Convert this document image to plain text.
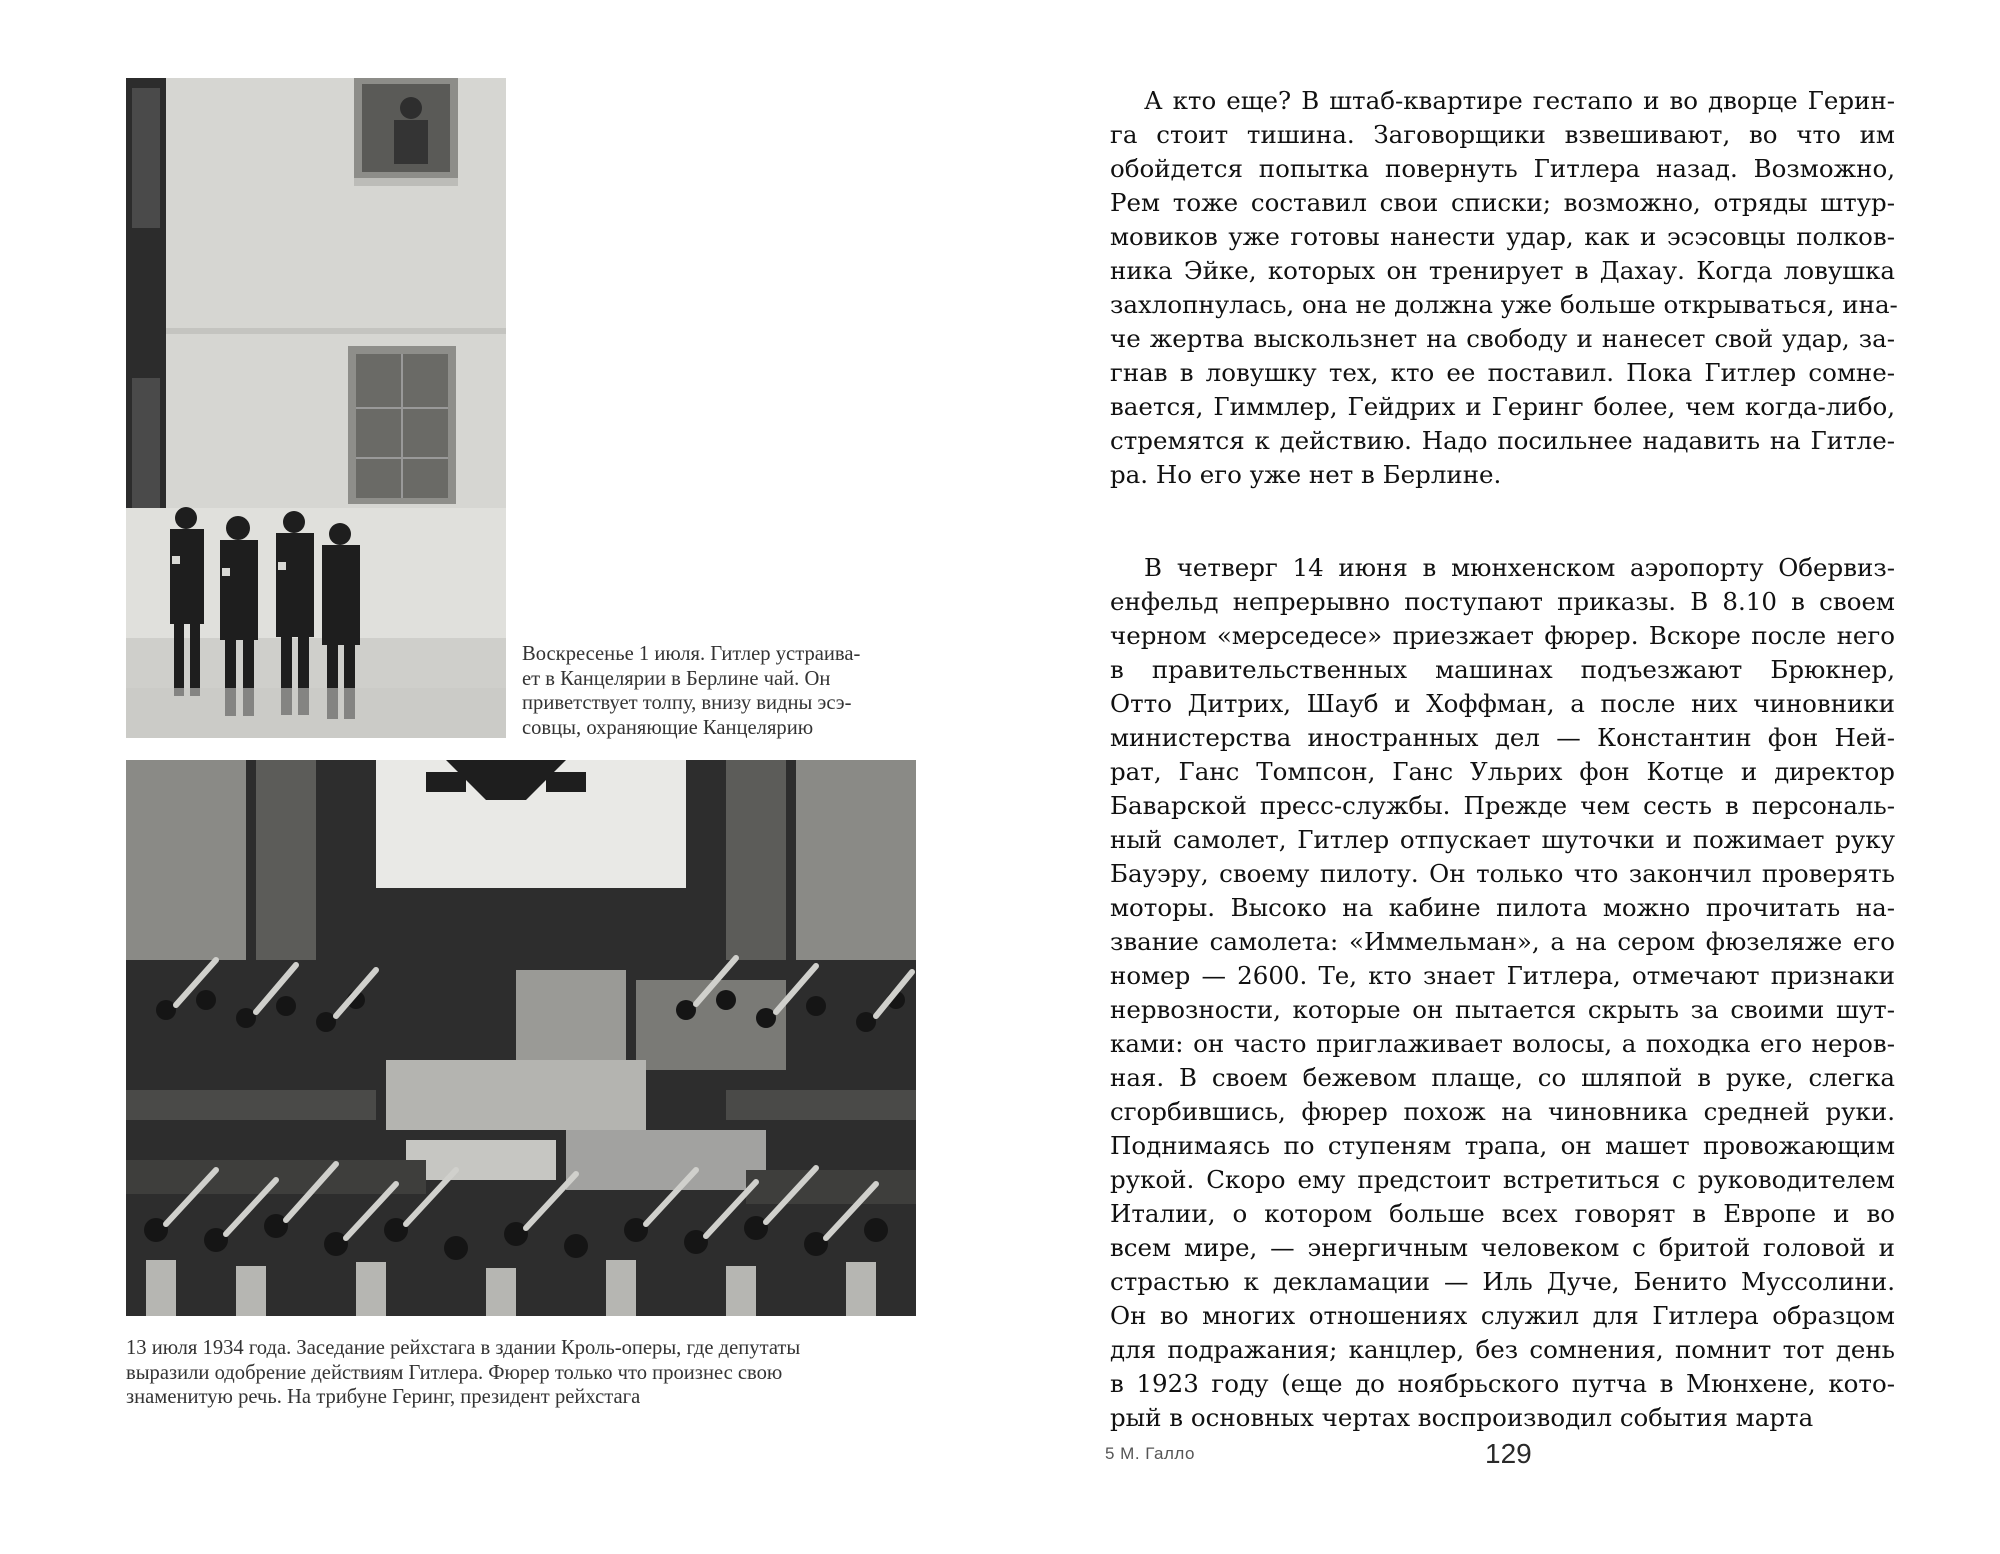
Воскресенье 1 июля. Гитлер устраива-
ет в Канцелярии в Берлине чай. Он
приветствует толпу, внизу видны эсэ-
совцы, охраняющие Канцелярию
13 июля 1934 года. Заседание рейхстага в здании Кроль-оперы, где депутаты
выразили одобрение действиям Гитлера. Фюрер только что произнес свою
знаменитую речь. На трибуне Геринг, президент рейхстага
А кто еще? В штаб-квартире гестапо и во дворце Герин-
га стоит тишина. Заговорщики взвешивают, во что им
обойдется попытка повернуть Гитлера назад. Возможно,
Рем тоже составил свои списки; возможно, отряды штур-
мовиков уже готовы нанести удар, как и эсэсовцы полков-
ника Эйке, которых он тренирует в Дахау. Когда ловушка
захлопнулась, она не должна уже больше открываться, ина-
че жертва выскользнет на свободу и нанесет свой удар, за-
гнав в ловушку тех, кто ее поставил. Пока Гитлер сомне-
вается, Гиммлер, Гейдрих и Геринг более, чем когда-либо,
стремятся к действию. Надо посильнее надавить на Гитле-
ра. Но его уже нет в Берлине.
В четверг 14 июня в мюнхенском аэропорту Обервиз-
енфельд непрерывно поступают приказы. В 8.10 в своем
черном «мерседесе» приезжает фюрер. Вскоре после него
в правительственных машинах подъезжают Брюкнер,
Отто Дитрих, Шауб и Хоффман, а после них чиновники
министерства иностранных дел — Константин фон Ней-
рат, Ганс Томпсон, Ганс Ульрих фон Котце и директор
Баварской пресс-службы. Прежде чем сесть в персональ-
ный самолет, Гитлер отпускает шуточки и пожимает руку
Бауэру, своему пилоту. Он только что закончил проверять
моторы. Высоко на кабине пилота можно прочитать на-
звание самолета: «Иммельман», а на сером фюзеляже его
номер — 2600. Те, кто знает Гитлера, отмечают признаки
нервозности, которые он пытается скрыть за своими шут-
ками: он часто приглаживает волосы, а походка его неров-
ная. В своем бежевом плаще, со шляпой в руке, слегка
сгорбившись, фюрер похож на чиновника средней руки.
Поднимаясь по ступеням трапа, он машет провожающим
рукой. Скоро ему предстоит встретиться с руководителем
Италии, о котором больше всех говорят в Европе и во
всем мире, — энергичным человеком с бритой головой и
страстью к декламации — Иль Дуче, Бенито Муссолини.
Он во многих отношениях служил для Гитлера образцом
для подражания; канцлер, без сомнения, помнит тот день
в 1923 году (еще до ноябрьского путча в Мюнхене, кото-
рый в основных чертах воспроизводил события марта
5 М. Галло	129
